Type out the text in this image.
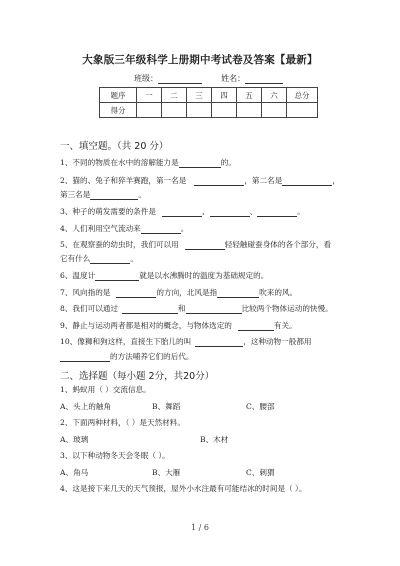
大象版三年级科学上册期中考试卷及答案【最新】
班级：	姓名：
题序	一	二	三	四	五	六	总分
得分							
一、填空题。（共 20 分）
1、不同的物质在水中的溶解能力是	的。
2、猫的、兔子和猝羊赛跑，第一名是	，第二名是	，
第三名是	。
3、种子的萌发需要的条件是	、	、	。
4、人们利用空气流动来	。
5、在观察蚕的幼虫时，我们可以用	轻轻触碰蚕身体的各个部分，看
它有什么	。
6、温度计	就是以水沸腾时的温度为基础规定的。
7、风向指的是	的方向，北风是指	吹来的风。
8、我们可以通过	和	比较两个物体运动的快慢。
9、静止与运动两者都是相对的概念，与物体选定的	有关。
10、像狮和狗这样，直接生下胎儿的叫	，这种动物一般都用
的方法哺养它们的后代。
二、选择题（每小题 2分，共20分）
1、蚂蚁用（ ）交流信息。
A、头上的触角	B、舞蹈	C、腰部
2、下面两种材料，（ ）是天然材料。
A、玻璃	B、木材
3、以下种动物冬天会冬眠（ ）。
A、角马	B、大雁	C、刺猬
4、这是接下来几天的天气预报，屋外小水注最有可能结冰的时间是（ ）。
1 / 6
